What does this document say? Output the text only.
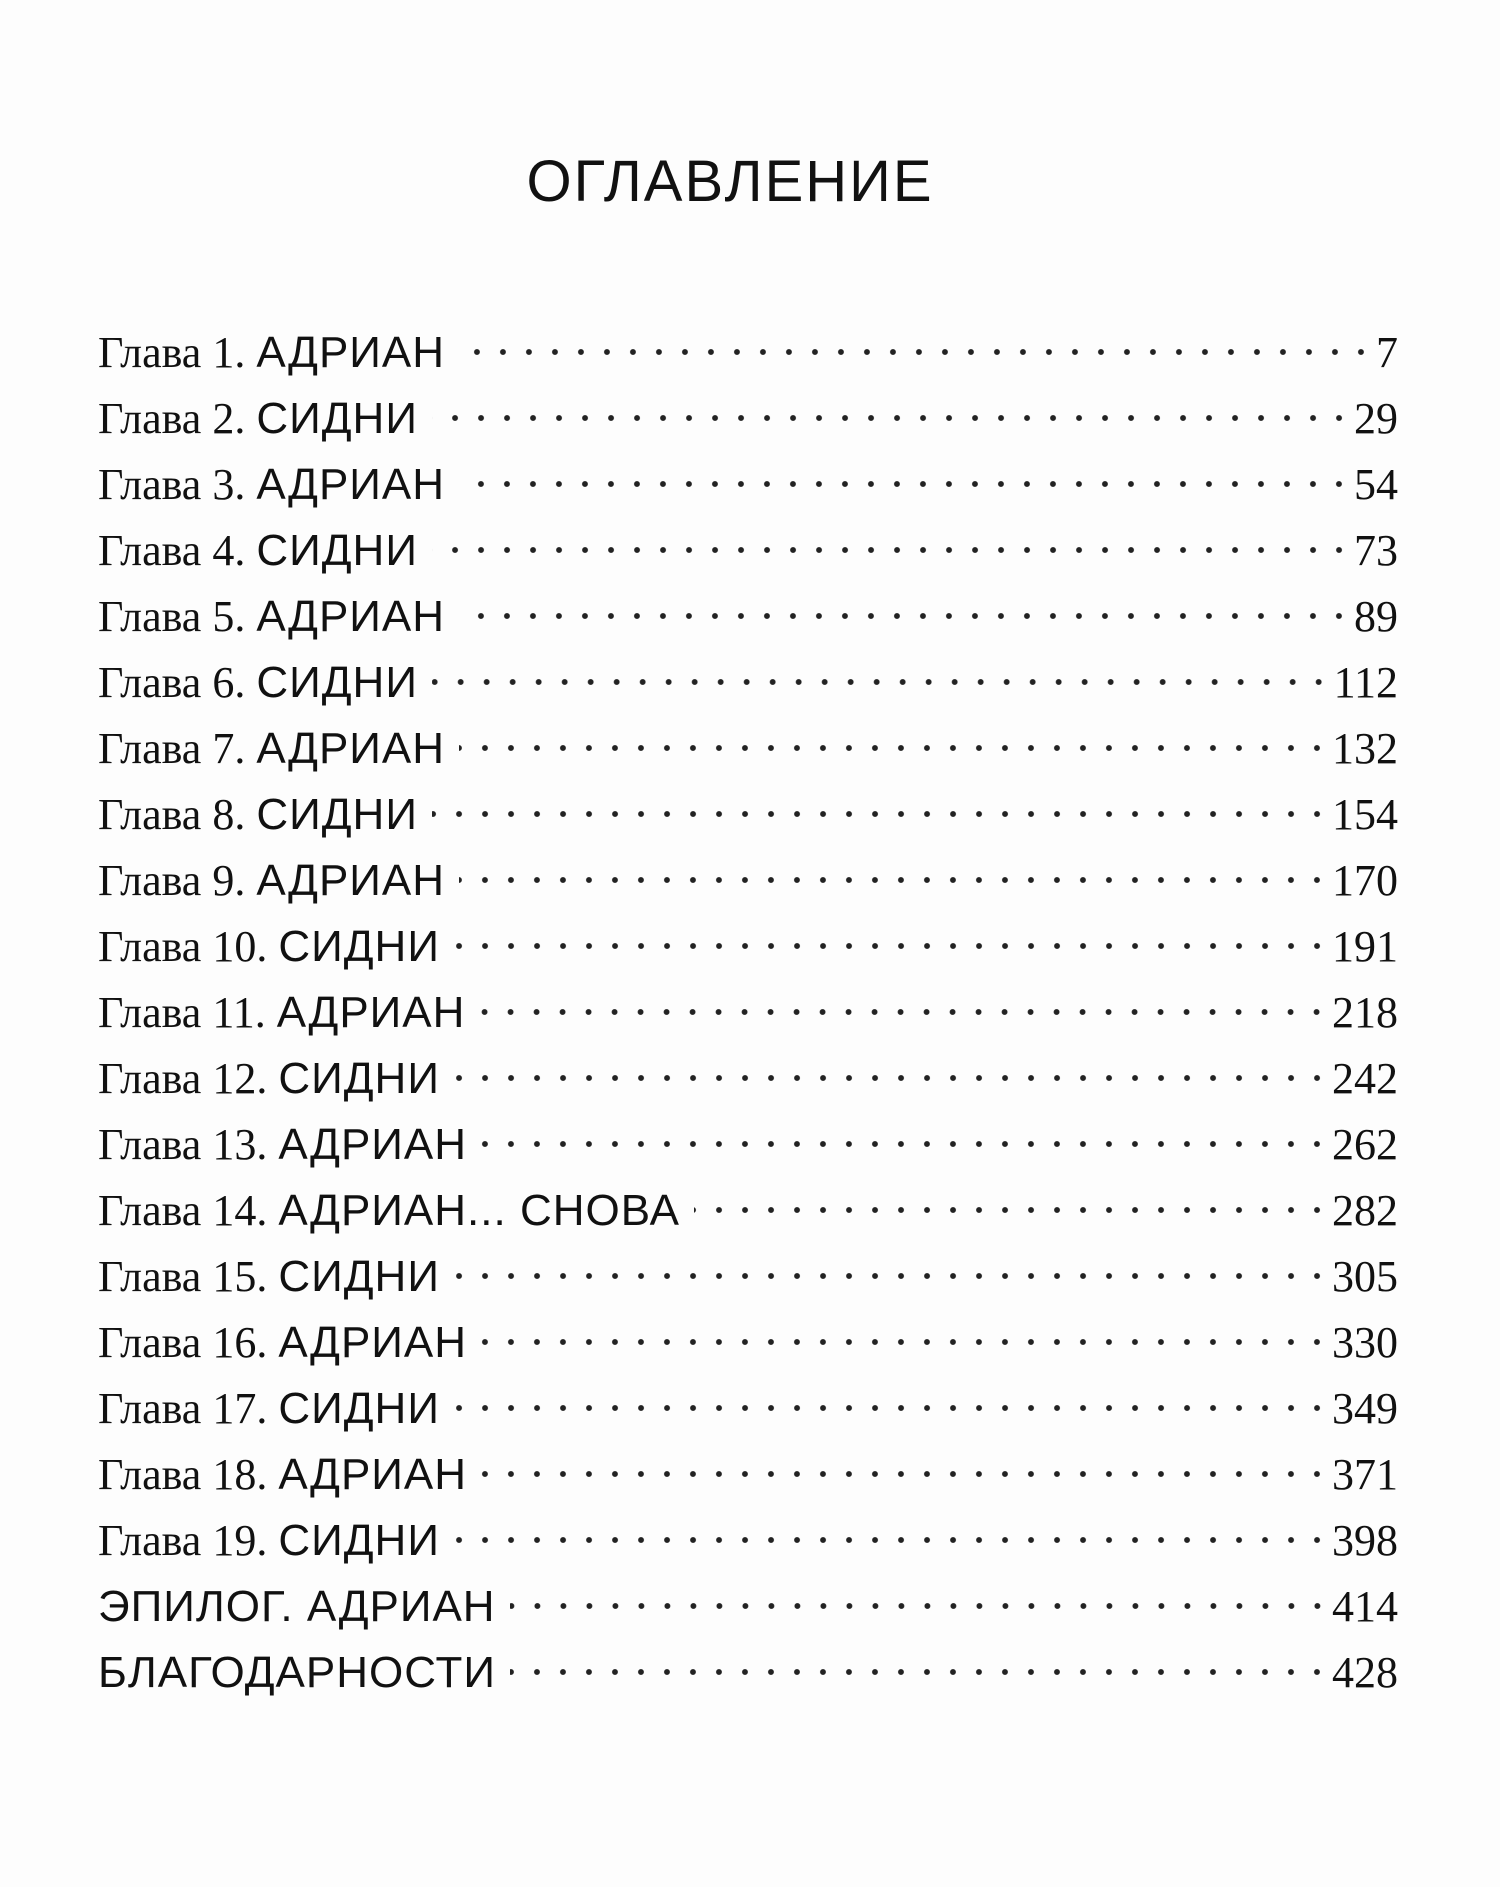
ОГЛАВЛЕНИЕ
Глава 1. АДРИАН	7
Глава 2. СИДНИ	29
Глава 3. АДРИАН	54
Глава 4. СИДНИ	73
Глава 5. АДРИАН	89
Глава 6. СИДНИ	112
Глава 7. АДРИАН	132
Глава 8. СИДНИ	154
Глава 9. АДРИАН	170
Глава 10. СИДНИ	191
Глава 11. АДРИАН	218
Глава 12. СИДНИ	242
Глава 13. АДРИАН	262
Глава 14. АДРИАН... СНОВА	282
Глава 15. СИДНИ	305
Глава 16. АДРИАН	330
Глава 17. СИДНИ	349
Глава 18. АДРИАН	371
Глава 19. СИДНИ	398
ЭПИЛОГ. АДРИАН	414
БЛАГОДАРНОСТИ	428
